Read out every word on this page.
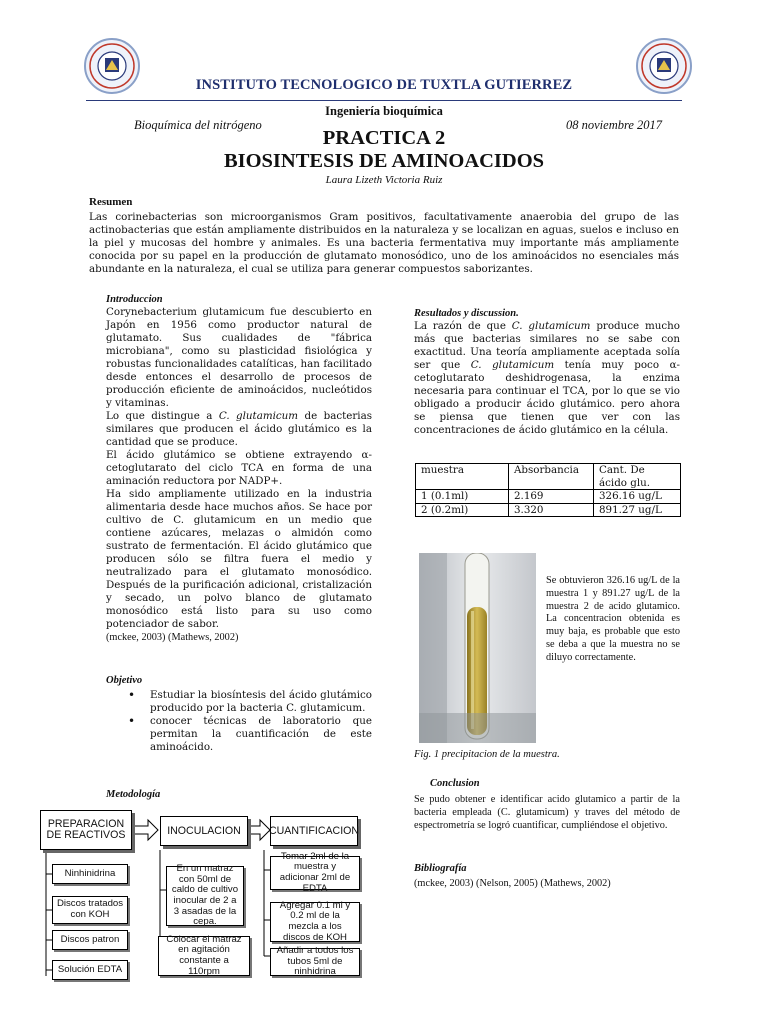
INSTITUTO TECNOLOGICO DE TUXTLA GUTIERREZ
Ingeniería bioquímica
Bioquímica del nitrógeno	08 noviembre 2017
PRACTICA 2
BIOSINTESIS DE AMINOACIDOS
Laura Lizeth Victoria Ruiz
Resumen
Las corinebacterias son microorganismos Gram positivos, facultativamente anaerobia del grupo de las actinobacterias que están ampliamente distribuidos en la naturaleza y se localizan en aguas, suelos e incluso en la piel y mucosas del hombre y animales. Es una bacteria fermentativa muy importante más ampliamente conocida por su papel en la producción de glutamato monosódico, uno de los aminoácidos no esenciales más abundante en la naturaleza, el cual se utiliza para generar compuestos saborizantes.
Introduccion

Corynebacterium glutamicum fue descubierto en Japón en 1956 como productor natural de glutamato. Sus cualidades de "fábrica microbiana", como su plasticidad fisiológica y robustas funcionalidades catalíticas, han facilitado desde entonces el desarrollo de procesos de producción eficiente de aminoácidos, nucleótidos y vitaminas.

Lo que distingue a C. glutamicum de bacterias similares que producen el ácido glutámico es la cantidad que se produce.

El ácido glutámico se obtiene extrayendo α-cetoglutarato del ciclo TCA en forma de una aminación reductora por NADP+.

Ha sido ampliamente utilizado en la industria alimentaria desde hace muchos años. Se hace por cultivo de C. glutamicum en un medio que contiene azúcares, melazas o almidón como sustrato de fermentación. El ácido glutámico que producen sólo se filtra fuera el medio y neutralizado para el glutamato monosódico. Después de la purificación adicional, cristalización y secado, un polvo blanco de glutamato monosódico está listo para su uso como potenciador de sabor.

(mckee, 2003) (Mathews, 2002)
Objetivo
• Estudiar la biosíntesis del ácido glutámico producido por la bacteria C. glutamicum.
• conocer técnicas de laboratorio que permitan la cuantificación de este aminoácido.
Metodología
PREPARACION DE REACTIVOS
Ninhinidrina
Discos tratados con KOH
Discos patron
Solución EDTA
INOCULACION
En un matraz con 50ml de caldo de cultivo inocular de 2 a 3 asadas de la cepa.
Colocar el matraz en agitación constante a 110rpm
CUANTIFICACION
Tomar 2ml de la muestra y adicionar 2ml de EDTA
Agregar 0.1 ml y 0.2 ml de la mezcla a los discos de KOH
Añadir a todos los tubos 5ml de ninhidrina
Resultados y discussion.

La razón de que C. glutamicum produce mucho más que bacterias similares no se sabe con exactitud. Una teoría ampliamente aceptada solía ser que C. glutamicum tenía muy poco α-cetoglutarato deshidrogenasa, la enzima necesaria para continuar el TCA, por lo que se vio obligado a producir ácido glutámico. pero ahora se piensa que tienen que ver con las concentraciones de ácido glutámico en la célula.

muestra	Absorbancia	Cant. De ácido glu.
1 (0.1ml)	2.169	326.16 ug/L
2 (0.2ml)	3.320	891.27 ug/L
Se obtuvieron 326.16 ug/L de la muestra 1 y 891.27 ug/L de la muestra 2 de acido glutamico. La concentracion obtenida es muy baja, es probable que esto se deba a que la muestra no se diluyo correctamente.
Fig. 1 precipitacion de la muestra.
Conclusion
Se pudo obtener e identificar acido glutamico a partir de la bacteria empleada (C. glutamicum) y traves del método de espectrometría se logró cuantificar, cumpliéndose el objetivo.
Bibliografía
(mckee, 2003) (Nelson, 2005) (Mathews, 2002)
